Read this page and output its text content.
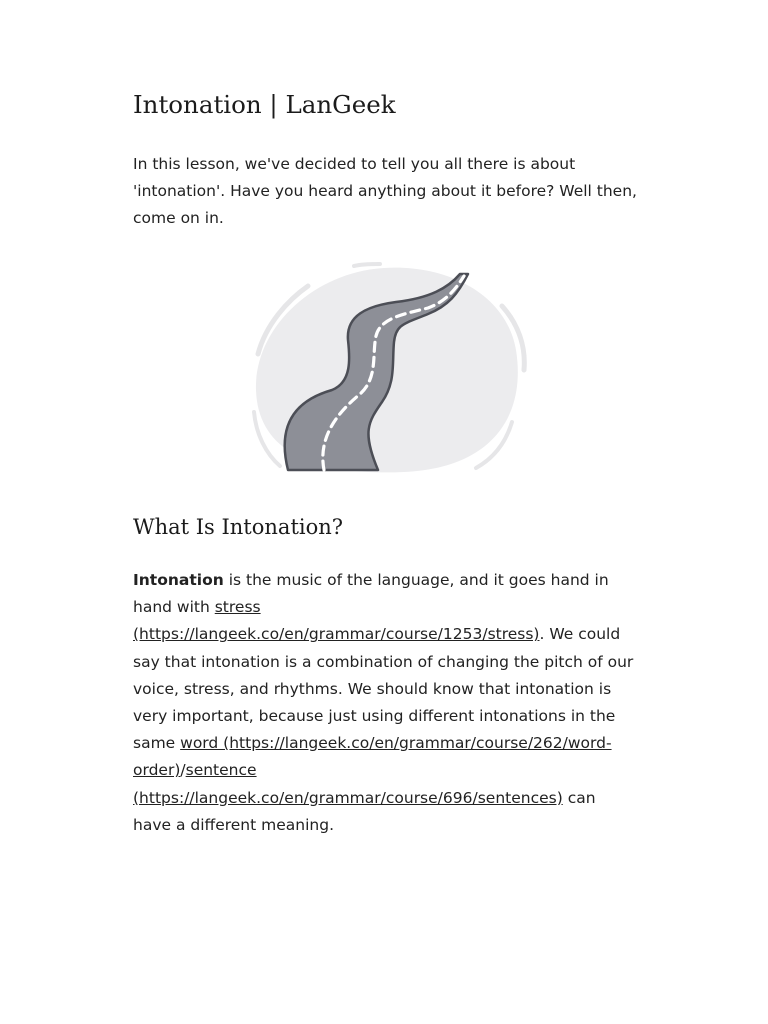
Intonation | LanGeek

In this lesson, we've decided to tell you all there is about 'intonation'. Have you heard anything about it before? Well then, come on in.

What Is Intonation?

Intonation is the music of the language, and it goes hand in hand with stress (https://langeek.co/en/grammar/course/1253/stress). We could say that intonation is a combination of changing the pitch of our voice, stress, and rhythms. We should know that intonation is very important, because just using different intonations in the same word (https://langeek.co/en/grammar/course/262/word-order)/sentence (https://langeek.co/en/grammar/course/696/sentences) can have a different meaning.
